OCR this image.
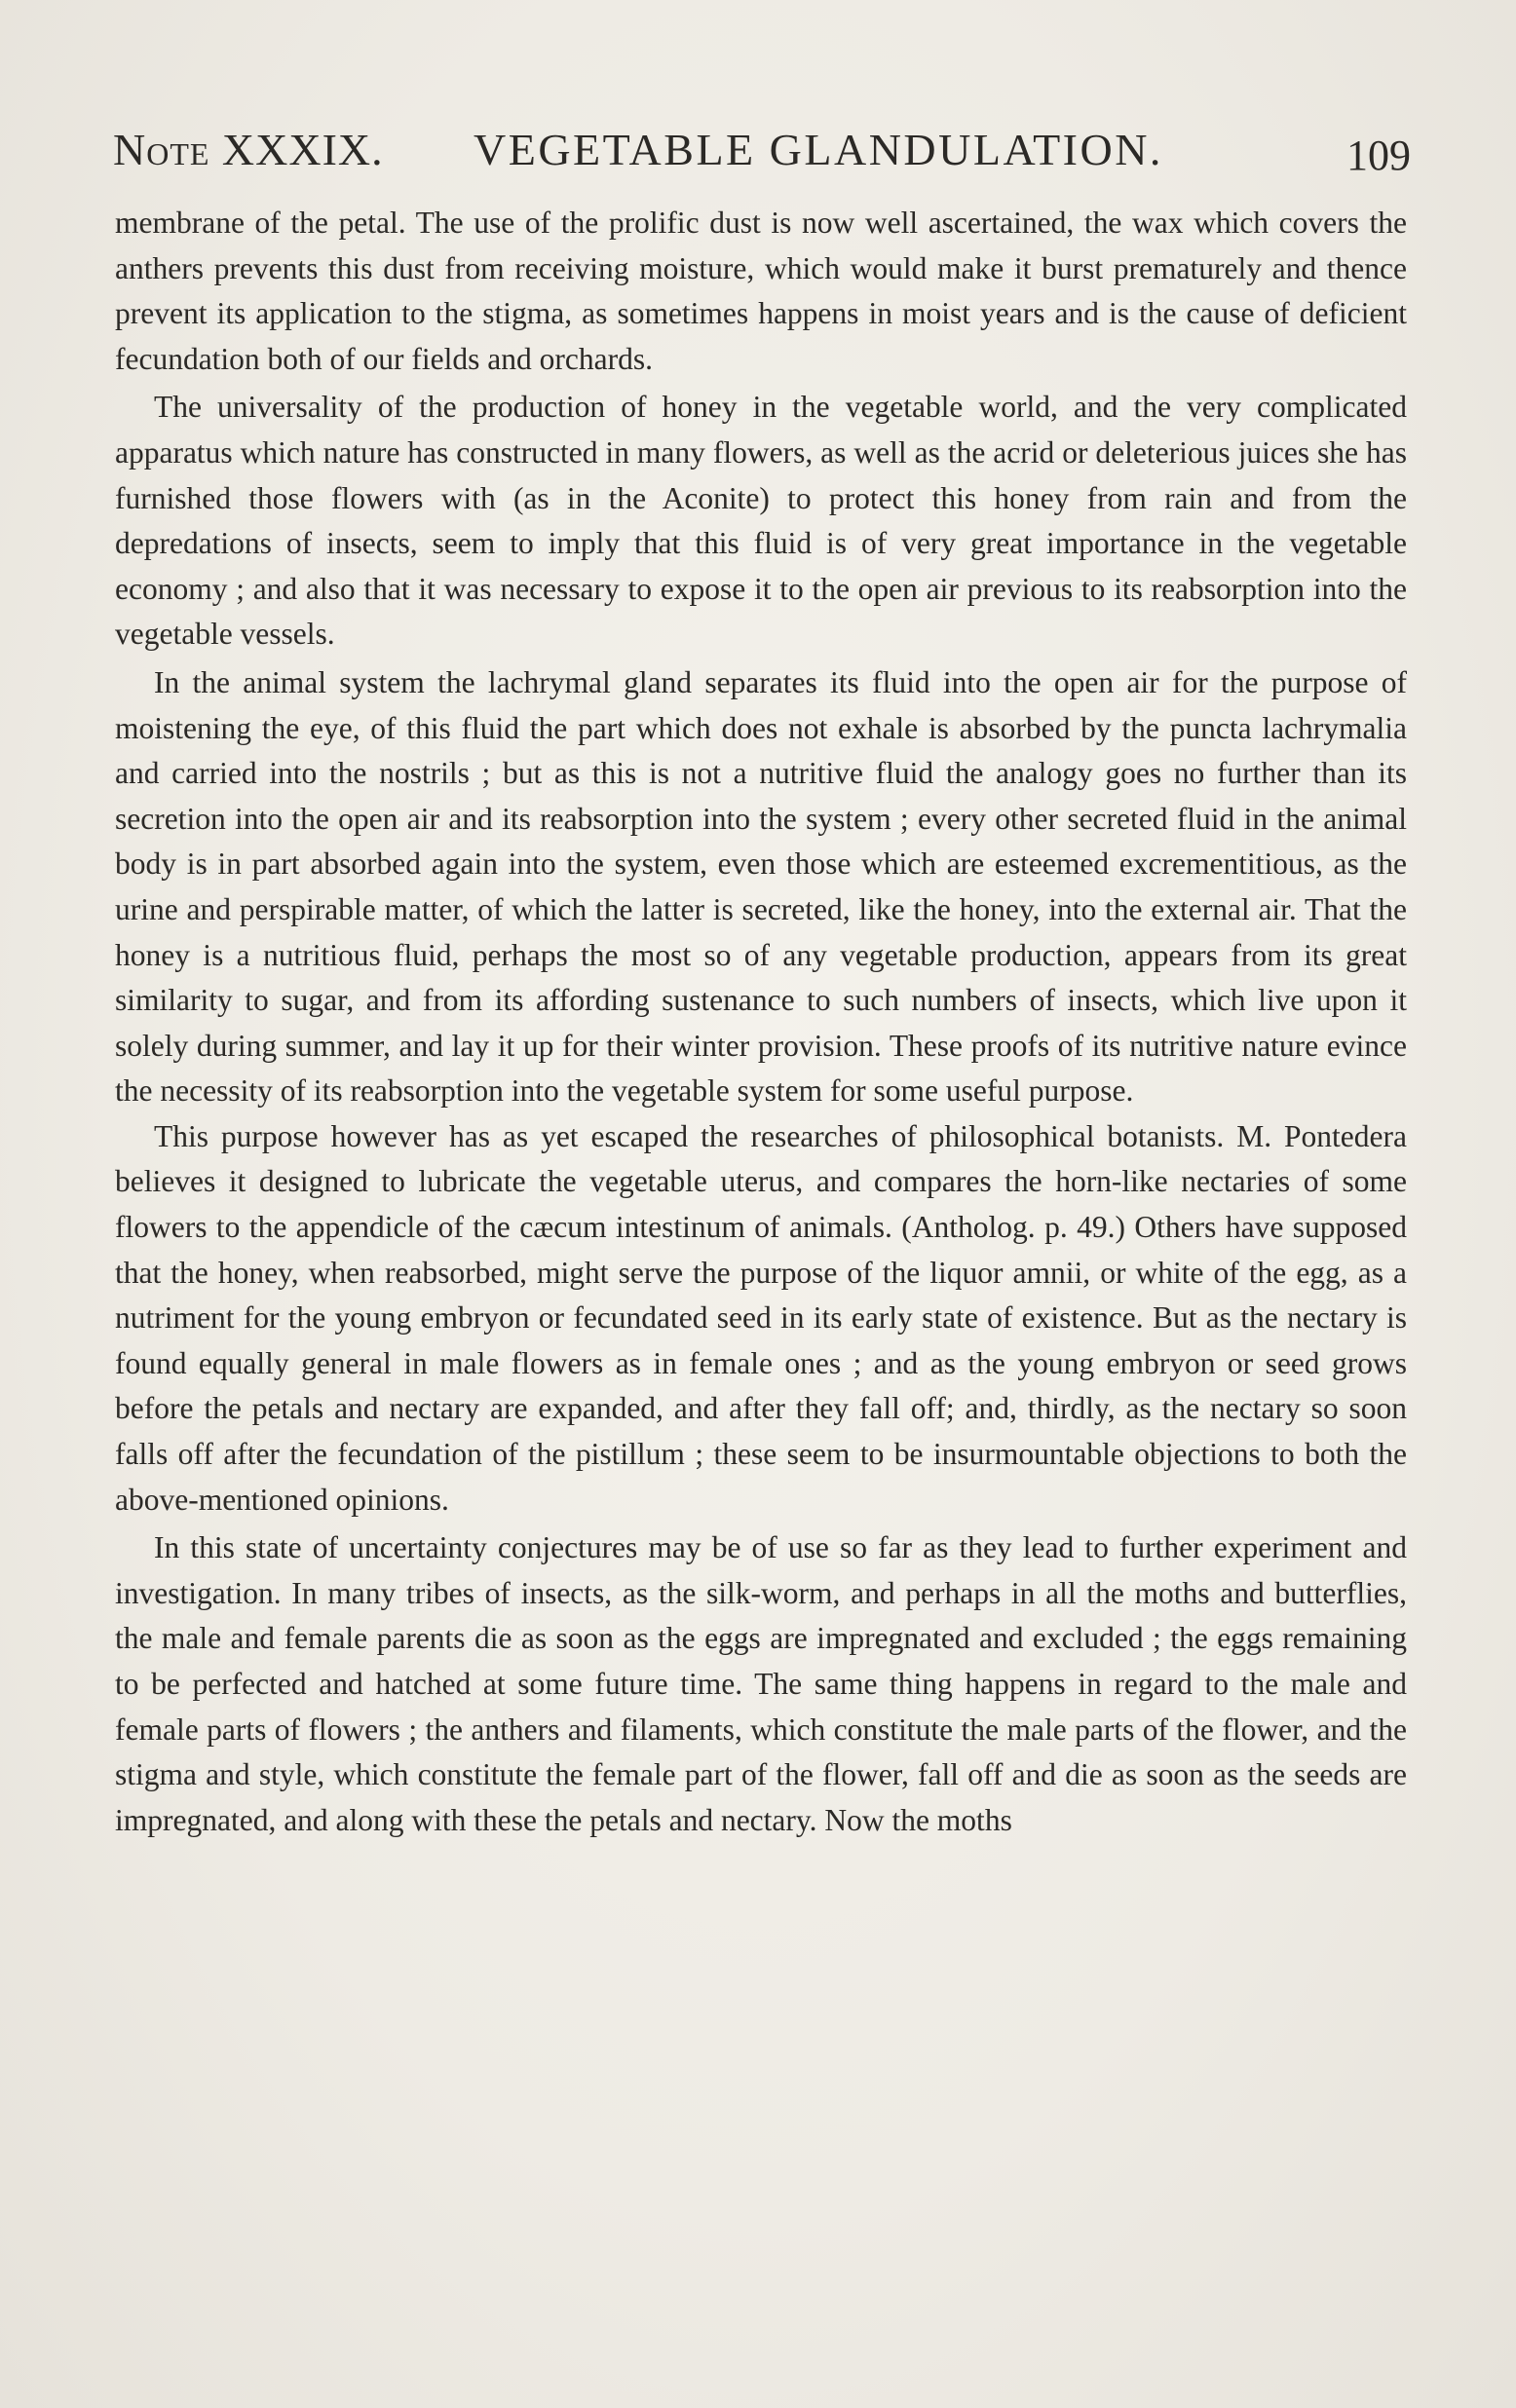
Note XXXIX. VEGETABLE GLANDULATION.	109

membrane of the petal. The use of the prolific dust is now well ascertained, the wax which covers the anthers prevents this dust from receiving moisture, which would make it burst prematurely and thence prevent its application to the stigma, as sometimes happens in moist years and is the cause of deficient fecundation both of our fields and orchards.

The universality of the production of honey in the vegetable world, and the very complicated apparatus which nature has constructed in many flowers, as well as the acrid or deleterious juices she has furnished those flowers with (as in the Aconite) to protect this honey from rain and from the depredations of insects, seem to imply that this fluid is of very great importance in the vegetable economy ; and also that it was necessary to expose it to the open air previous to its reabsorption into the vegetable vessels.

In the animal system the lachrymal gland separates its fluid into the open air for the purpose of moistening the eye, of this fluid the part which does not exhale is absorbed by the puncta lachrymalia and carried into the nostrils ; but as this is not a nutritive fluid the analogy goes no further than its secretion into the open air and its reabsorption into the system ; every other secreted fluid in the animal body is in part absorbed again into the system, even those which are esteemed excrementitious, as the urine and perspirable matter, of which the latter is secreted, like the honey, into the external air. That the honey is a nutritious fluid, perhaps the most so of any vegetable production, appears from its great similarity to sugar, and from its affording sustenance to such numbers of insects, which live upon it solely during summer, and lay it up for their winter provision. These proofs of its nutritive nature evince the necessity of its reabsorption into the vegetable system for some useful purpose.

This purpose however has as yet escaped the researches of philosophical botanists. M. Pontedera believes it designed to lubricate the vegetable uterus, and compares the horn-like nectaries of some flowers to the appendicle of the cæcum intestinum of animals. (Antholog. p. 49.) Others have supposed that the honey, when reabsorbed, might serve the purpose of the liquor amnii, or white of the egg, as a nutriment for the young embryon or fecundated seed in its early state of existence. But as the nectary is found equally general in male flowers as in female ones ; and as the young embryon or seed grows before the petals and nectary are expanded, and after they fall off; and, thirdly, as the nectary so soon falls off after the fecundation of the pistillum ; these seem to be insurmountable objections to both the above-mentioned opinions.

In this state of uncertainty conjectures may be of use so far as they lead to further experiment and investigation. In many tribes of insects, as the silk-worm, and perhaps in all the moths and butterflies, the male and female parents die as soon as the eggs are impregnated and excluded ; the eggs remaining to be perfected and hatched at some future time. The same thing happens in regard to the male and female parts of flowers ; the anthers and filaments, which constitute the male parts of the flower, and the stigma and style, which constitute the female part of the flower, fall off and die as soon as the seeds are impregnated, and along with these the petals and nectary. Now the moths
